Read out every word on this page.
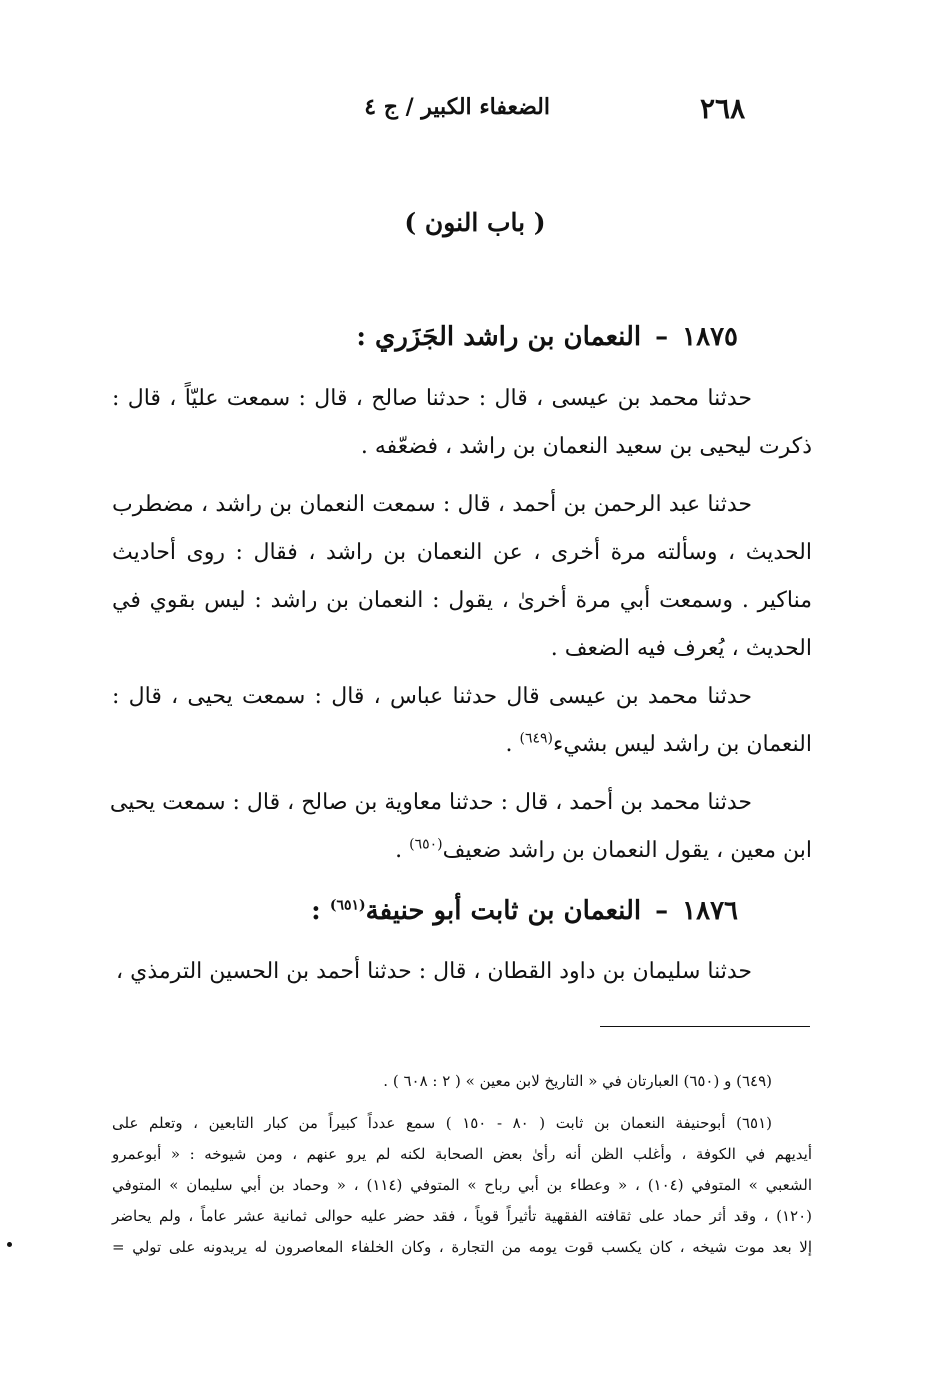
٢٦٨
الضعفاء الكبير / ج ٤
( باب النون )
١٨٧٥–النعمان بن راشد الجَزَري :
حدثنا محمد بن عيسى ، قال : حدثنا صالح ، قال : سمعت عليّاً ، قال :
ذكرت ليحيى بن سعيد النعمان بن راشد ، فضعّفه .
حدثنا عبد الرحمن بن أحمد ، قال : سمعت النعمان بن راشد ، مضطرب
الحديث ، وسألته مرة أخرى ، عن النعمان بن راشد ، فقال : روى أحاديث
مناكير . وسمعت أبي مرة أخرىٰ ، يقول : النعمان بن راشد : ليس بقوي في
الحديث ، يُعرف فيه الضعف .
حدثنا محمد بن عيسى قال حدثنا عباس ، قال : سمعت يحيى ، قال :
النعمان بن راشد ليس بشيء$^{(٦٤٩)}$ .
حدثنا محمد بن أحمد ، قال : حدثنا معاوية بن صالح ، قال : سمعت يحيى
ابن معين ، يقول النعمان بن راشد ضعيف$^{(٦٥٠)}$ .
١٨٧٦–النعمان بن ثابت أبو حنيفة$^{(٦٥١)}$ :
حدثنا سليمان بن داود القطان ، قال : حدثنا أحمد بن الحسين الترمذي ،
(٦٤٩) و (٦٥٠) العبارتان في « التاريخ لابن معين » ( ٢ : ٦٠٨ ) .
(٦٥١) أبوحنيفة النعمان بن ثابت ( ٨٠ - ١٥٠ ) سمع عدداً كبيراً من كبار التابعين ، وتعلم على
أيديهم في الكوفة ، وأغلب الظن أنه رأىٰ بعض الصحابة لكنه لم يرو عنهم ، ومن شيوخه : « أبوعمرو
الشعبي » المتوفي (١٠٤) ، « وعطاء بن أبي رباح » المتوفي (١١٤) ، « وحماد بن أبي سليمان » المتوفي
(١٢٠) ، وقد أثر حماد على ثقافته الفقهية تأثيراً قوياً ، فقد حضر عليه حوالى ثمانية عشر عاماً ، ولم يحاضر
إلا بعد موت شيخه ، كان يكسب قوت يومه من التجارة ، وكان الخلفاء المعاصرون له يريدونه على تولي =
